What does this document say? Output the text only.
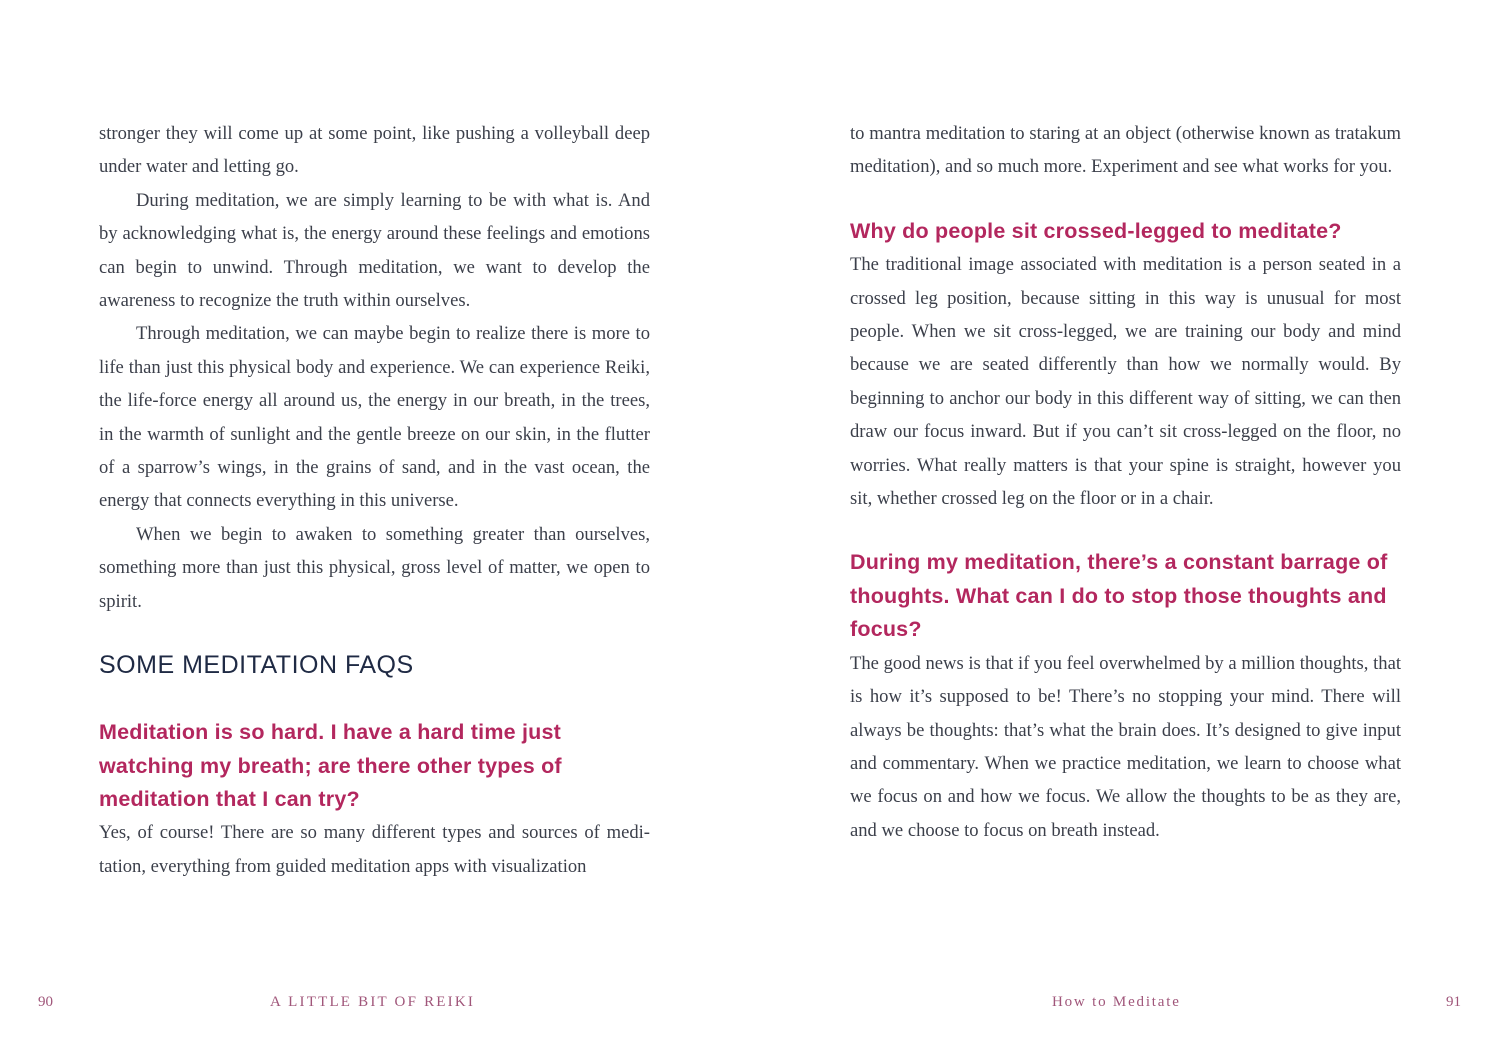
stronger they will come up at some point, like pushing a volleyball deep under water and letting go.

During meditation, we are simply learning to be with what is. And by acknowledging what is, the energy around these feelings and emotions can begin to unwind. Through meditation, we want to develop the awareness to recognize the truth within ourselves.

Through meditation, we can maybe begin to realize there is more to life than just this physical body and experience. We can experience Reiki, the life-force energy all around us, the energy in our breath, in the trees, in the warmth of sunlight and the gentle breeze on our skin, in the flutter of a sparrow’s wings, in the grains of sand, and in the vast ocean, the energy that connects everything in this universe.

When we begin to awaken to something greater than ourselves, something more than just this physical, gross level of matter, we open to spirit.

SOME MEDITATION FAQS
Meditation is so hard. I have a hard time just watching my breath; are there other types of meditation that I can try?

Yes, of course! There are so many different types and sources of meditation, everything from guided meditation apps with visualization

90	A LITTLE BIT OF REIKI

to mantra meditation to staring at an object (otherwise known as tratakum meditation), and so much more. Experiment and see what works for you.

Why do people sit crossed-legged to meditate?

The traditional image associated with meditation is a person seated in a crossed leg position, because sitting in this way is unusual for most people. When we sit cross-legged, we are training our body and mind because we are seated differently than how we normally would. By beginning to anchor our body in this different way of sitting, we can then draw our focus inward. But if you can’t sit cross-legged on the floor, no worries. What really matters is that your spine is straight, however you sit, whether crossed leg on the floor or in a chair.

During my meditation, there’s a constant barrage of thoughts. What can I do to stop those thoughts and focus?

The good news is that if you feel overwhelmed by a million thoughts, that is how it’s supposed to be! There’s no stopping your mind. There will always be thoughts: that’s what the brain does. It’s designed to give input and commentary. When we practice meditation, we learn to choose what we focus on and how we focus. We allow the thoughts to be as they are, and we choose to focus on breath instead.

How to Meditate	91
